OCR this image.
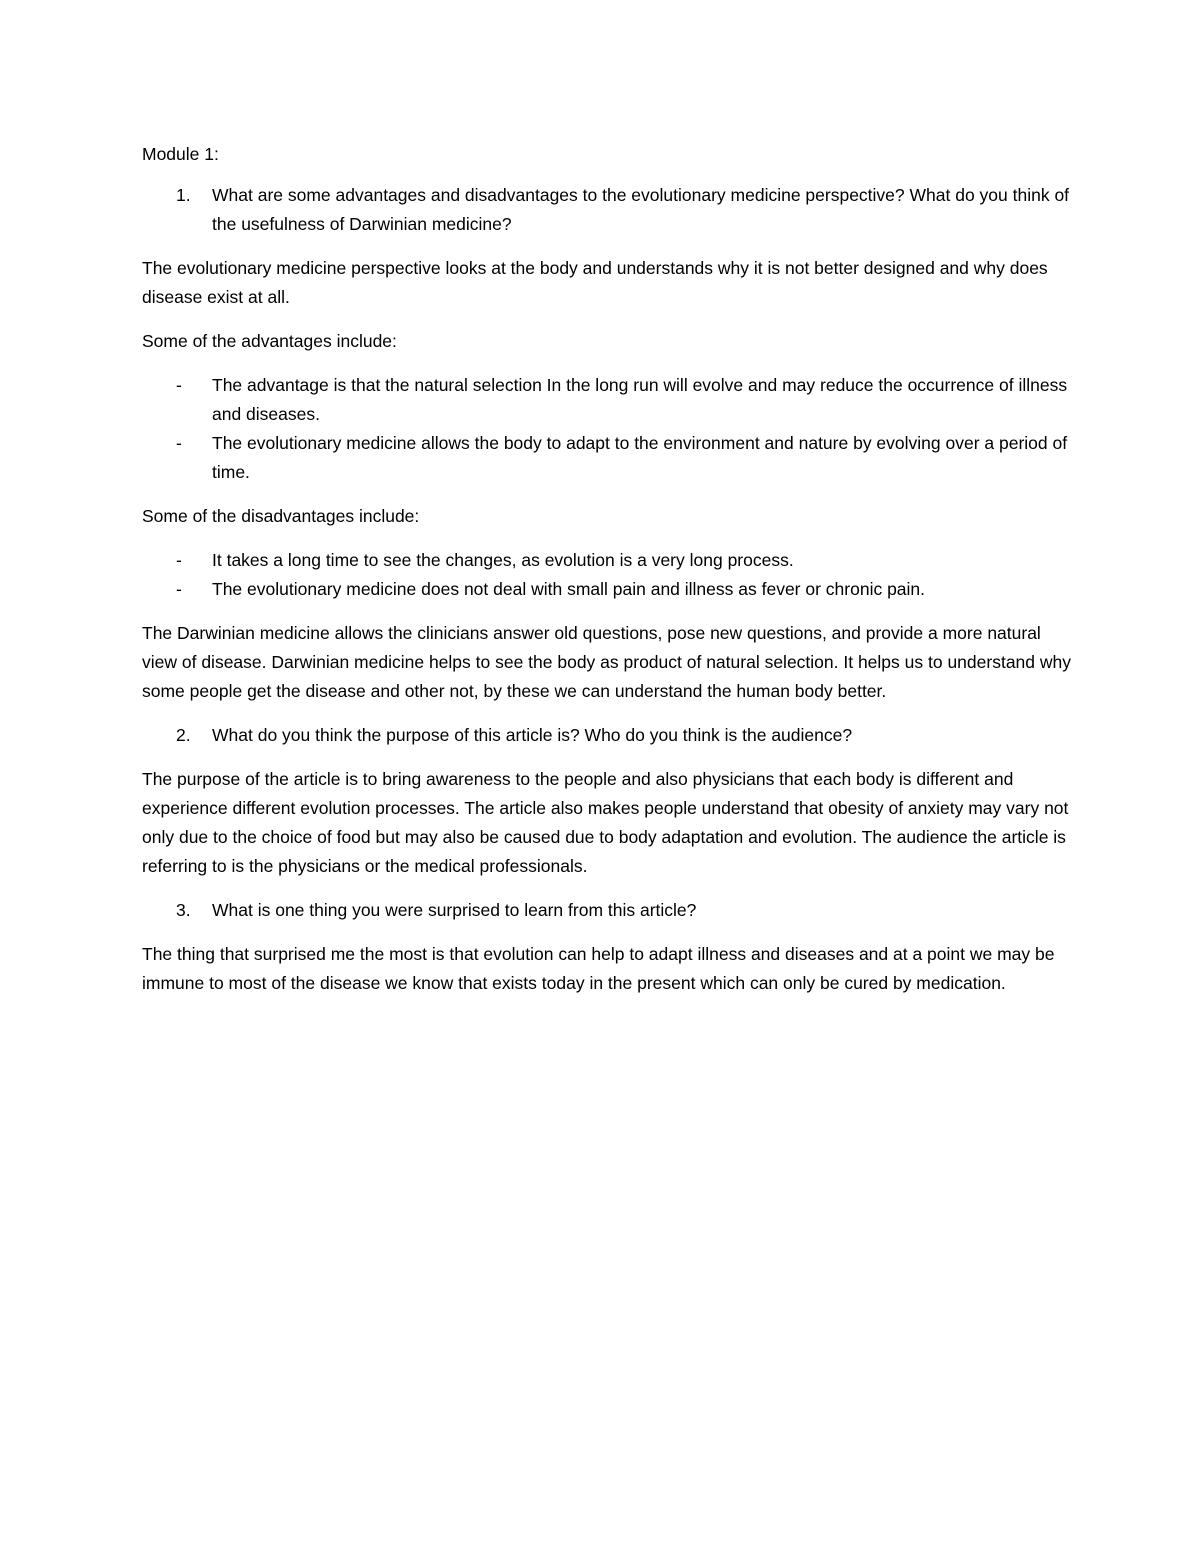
Module 1:

1.	What are some advantages and disadvantages to the evolutionary medicine perspective? What do you think of the usefulness of Darwinian medicine?

The evolutionary medicine perspective looks at the body and understands why it is not better designed and why does disease exist at all.

Some of the advantages include:

-	The advantage is that the natural selection In the long run will evolve and may reduce the occurrence of illness and diseases.
-	The evolutionary medicine allows the body to adapt to the environment and nature by evolving over a period of time.

Some of the disadvantages include:

-	It takes a long time to see the changes, as evolution is a very long process.
-	The evolutionary medicine does not deal with small pain and illness as fever or chronic pain.

The Darwinian medicine allows the clinicians answer old questions, pose new questions, and provide a more natural view of disease. Darwinian medicine helps to see the body as product of natural selection. It helps us to understand why some people get the disease and other not, by these we can understand the human body better.

2.	What do you think the purpose of this article is? Who do you think is the audience?

The purpose of the article is to bring awareness to the people and also physicians that each body is different and experience different evolution processes. The article also makes people understand that obesity of anxiety may vary not only due to the choice of food but may also be caused due to body adaptation and evolution. The audience the article is referring to is the physicians or the medical professionals.

3.	What is one thing you were surprised to learn from this article?

The thing that surprised me the most is that evolution can help to adapt illness and diseases and at a point we may be immune to most of the disease we know that exists today in the present which can only be cured by medication.
